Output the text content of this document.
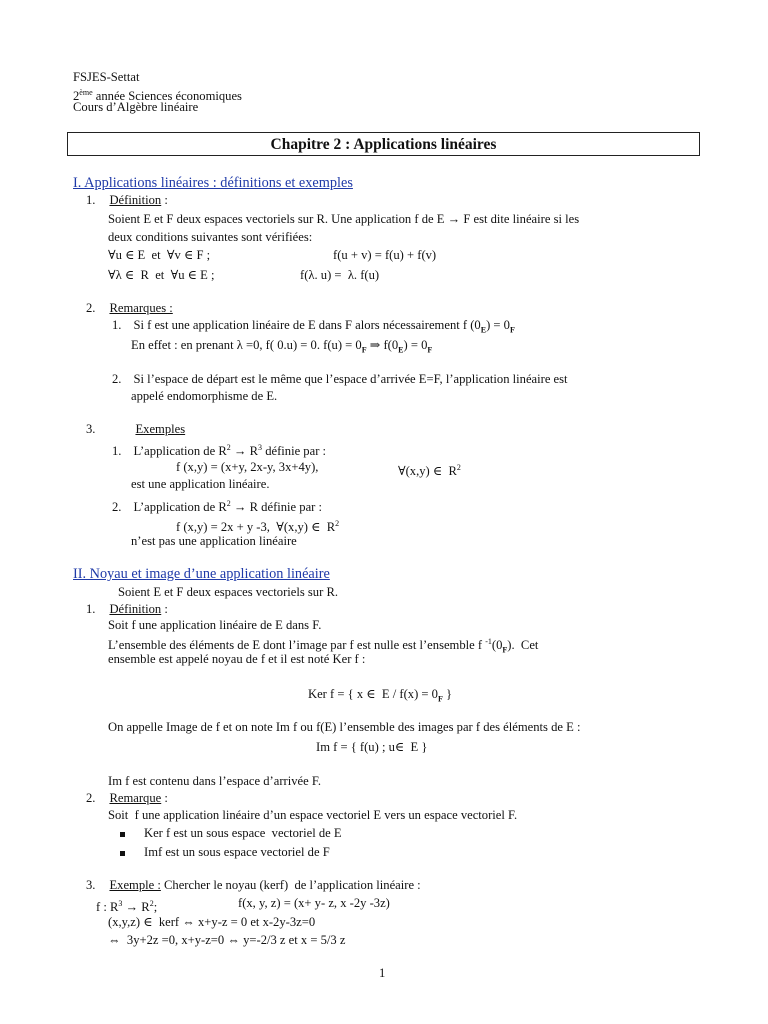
FSJES-Settat
2ème année Sciences économiques
Cours d’Algèbre linéaire
Chapitre 2 : Applications linéaires
I. Applications linéaires : définitions et exemples
1. Définition :
Soient E et F deux espaces vectoriels sur R. Une application f de E → F est dite linéaire si les
deux conditions suivantes sont vérifiées:
∀u ∈ E  et  ∀v ∈ F ;	f(u + v) = f(u) + f(v)
∀λ ∈  R  et  ∀u ∈ E ;	f(λ. u) =  λ. f(u)
2. Remarques :
1. Si f est une application linéaire de E dans F alors nécessairement f $(0_E) = 0_F$
En effet : en prenant λ =0, f( 0.u) = 0. $f(u) = 0_F$ ⇒ $f(0_E) = 0_F$
2. Si l’espace de départ est le même que l’espace d’arrivée E=F, l’application linéaire est
appelé endomorphisme de E.
3.	Exemples
1. L’application de $R^2 \to R^3$ définie par :
f (x,y) = (x+y, 2x-y, 3x+4y),	∀(x,y) ∈  $R^2$
est une application linéaire.
2. L’application de $R^2 \to R$ définie par :
f (x,y) = 2x + y -3,  ∀(x,y) ∈  $R^2$
n’est pas une application linéaire
II. Noyau et image d’une application linéaire
Soient E et F deux espaces vectoriels sur R.
1. Définition :
Soit f une application linéaire de E dans F.
L’ensemble des éléments de E dont l’image par f est nulle est l’ensemble f $^{-1}(0_F)$.  Cet
ensemble est appelé noyau de f et il est noté Ker f :
Ker f = { x ∈  $E / f(x) = 0_F$ }
On appelle Image de f et on note Im f ou f(E) l’ensemble des images par f des éléments de E :
Im f = { f(u) ; u∈  E }
Im f est contenu dans l’espace d’arrivée F.
2. Remarque :
Soit  f une application linéaire d’un espace vectoriel E vers un espace vectoriel F.
Ker f est un sous espace  vectoriel de E
Imf est un sous espace vectoriel de F
3. Exemple : Chercher le noyau (kerf)  de l’application linéaire :
f : $R^3 \to R^2$;	f(x, y, z) = (x+ y- z, x -2y -3z)
(x,y,z) ∈  kerf ⇔ x+y-z = 0 et x-2y-3z=0
⇔  3y+2z =0, x+y-z=0 ⇔ y=-2/3 z et x = 5/3 z
1
